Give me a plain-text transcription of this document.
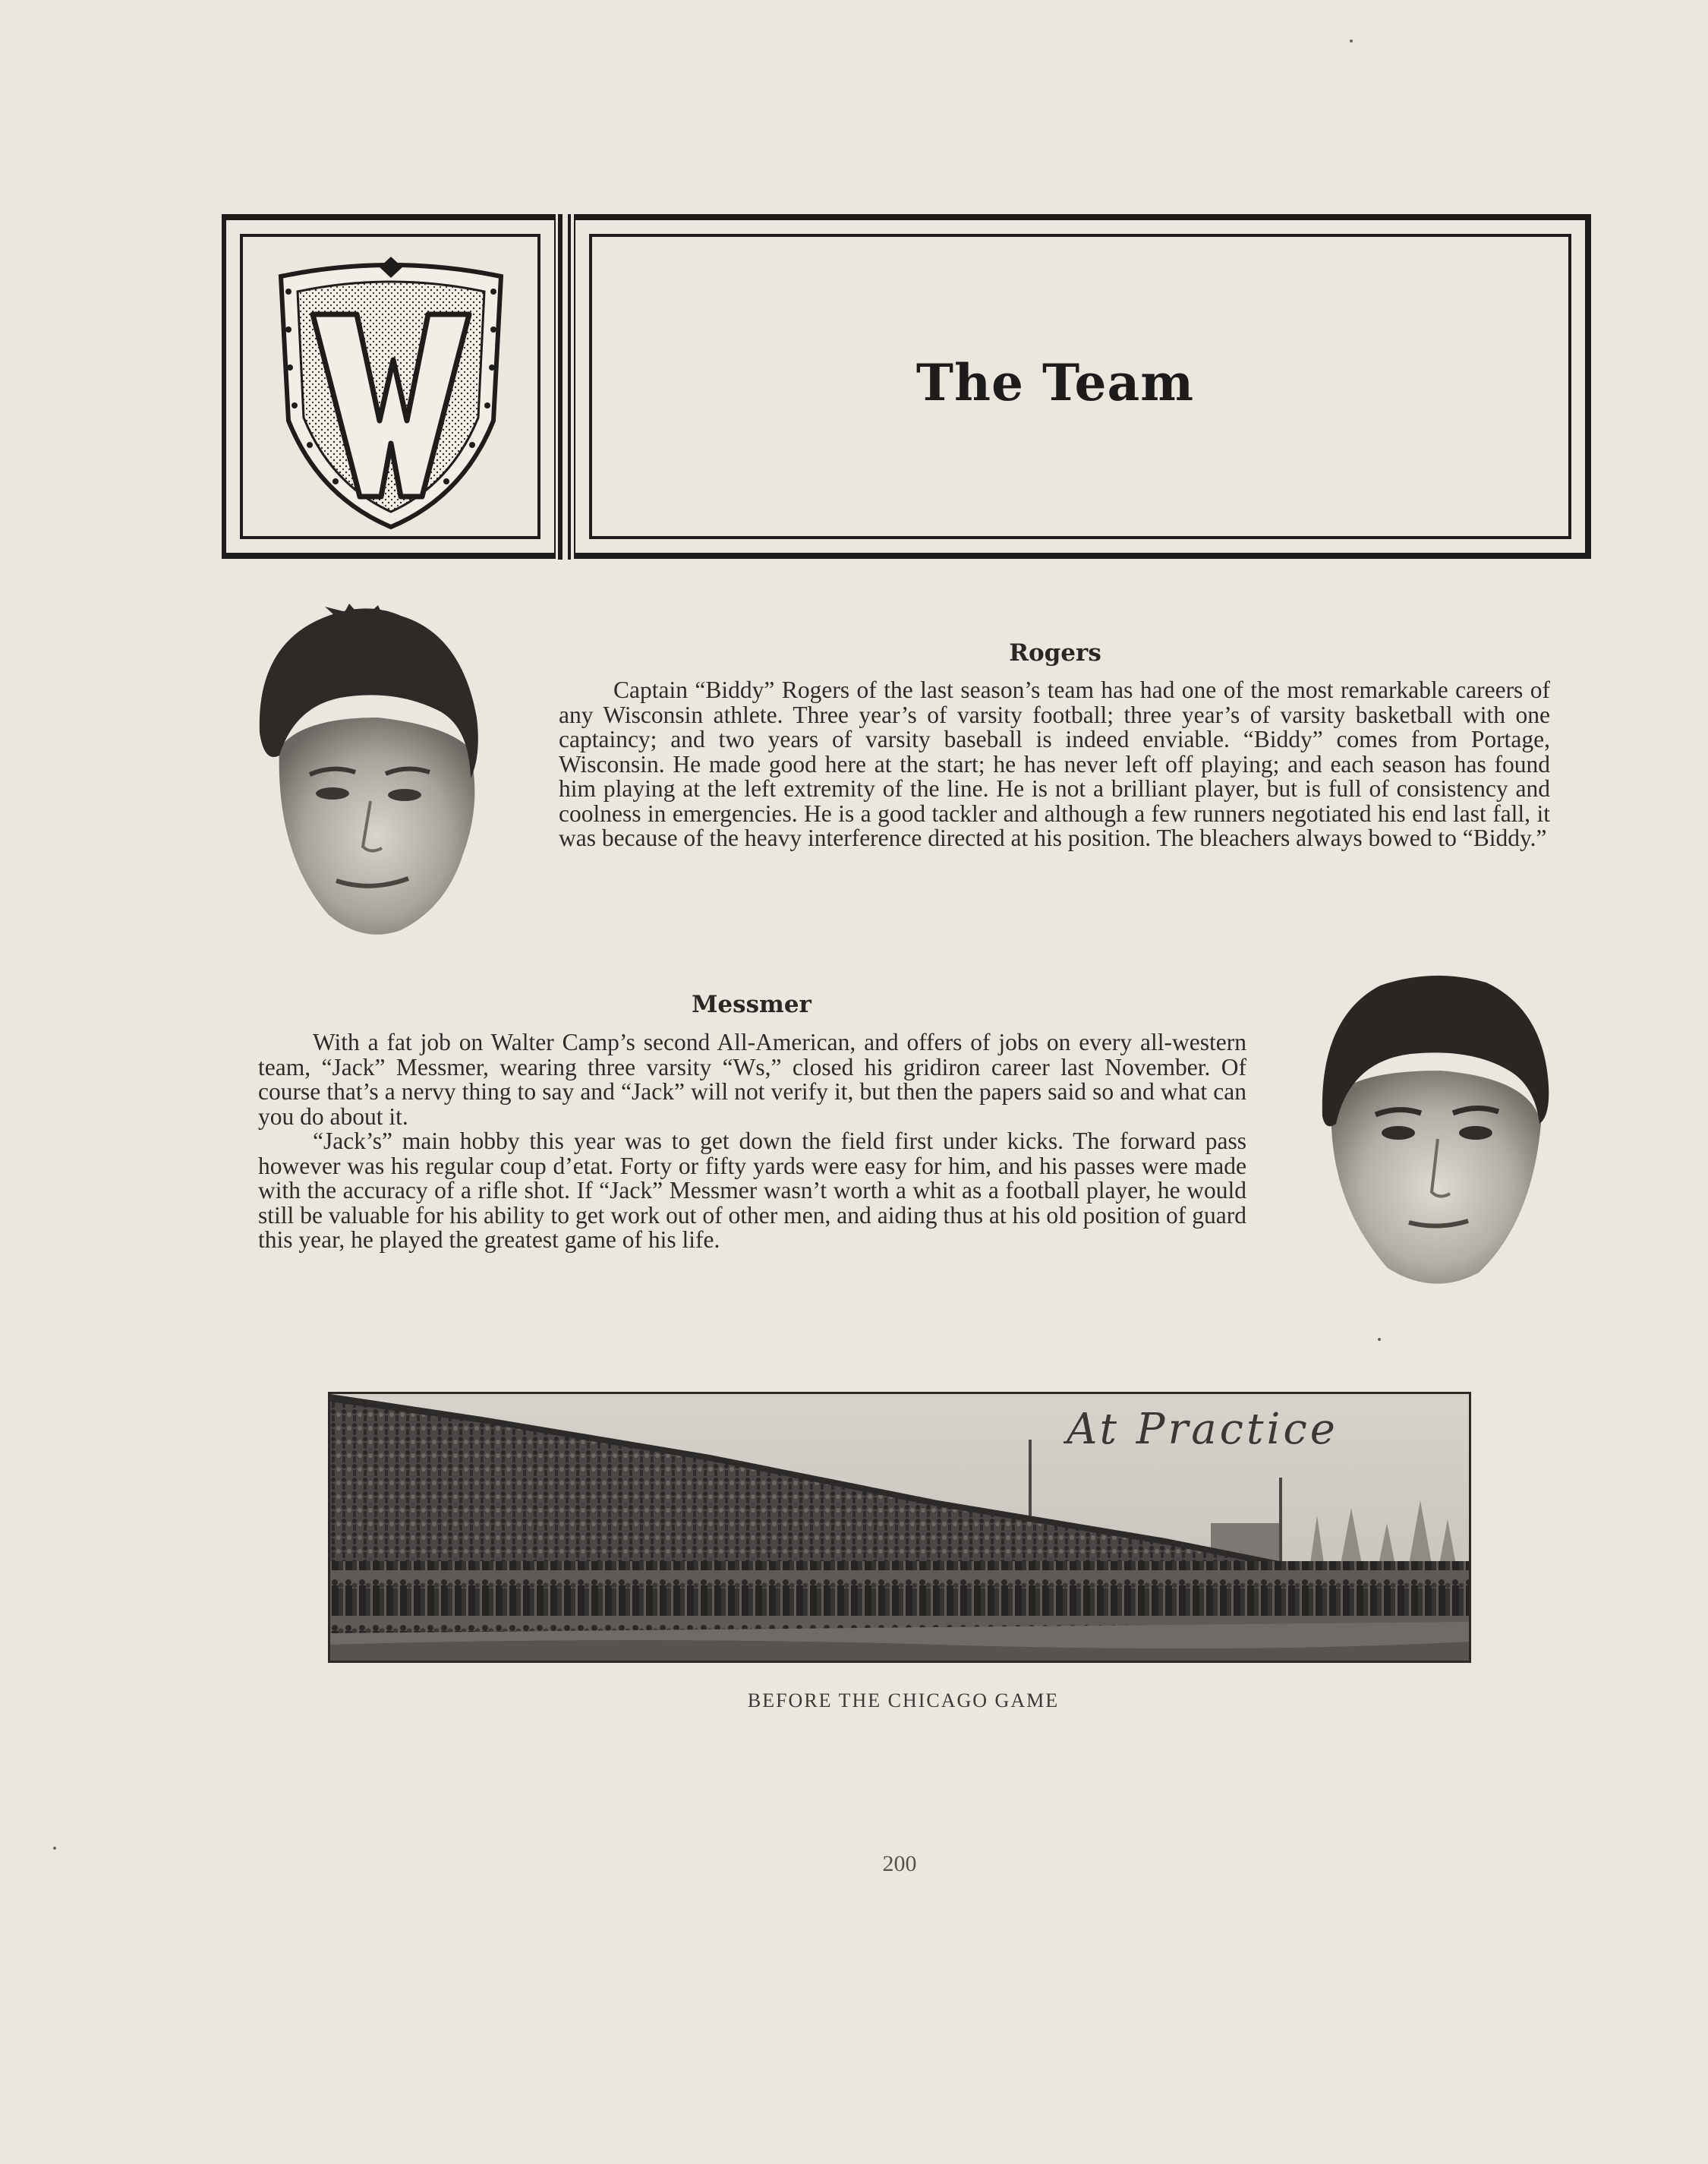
The Team
Rogers

Captain “Biddy” Rogers of the last season’s team has had one of the most remarkable careers of any Wisconsin athlete. Three year’s of varsity football; three year’s of varsity basketball with one captaincy; and two years of varsity baseball is indeed enviable. “Biddy” comes from Portage, Wisconsin. He made good here at the start; he has never left off playing; and each season has found him playing at the left extremity of the line. He is not a brilliant player, but is full of consistency and coolness in emergencies. He is a good tackler and although a few runners negotiated his end last fall, it was because of the heavy interference directed at his position. The bleachers always bowed to “Biddy.”

Messmer

With a fat job on Walter Camp’s second All-American, and offers of jobs on every all-western team, “Jack” Messmer, wearing three varsity “Ws,” closed his gridiron career last November. Of course that’s a nervy thing to say and “Jack” will not verify it, but then the papers said so and what can you do about it.

“Jack’s” main hobby this year was to get down the field first under kicks. The forward pass however was his regular coup d’etat. Forty or fifty yards were easy for him, and his passes were made with the accuracy of a rifle shot. If “Jack” Messmer wasn’t worth a whit as a football player, he would still be valuable for his ability to get work out of other men, and aiding thus at his old position of guard this year, he played the greatest game of his life.

At Practice
BEFORE THE CHICAGO GAME
200
